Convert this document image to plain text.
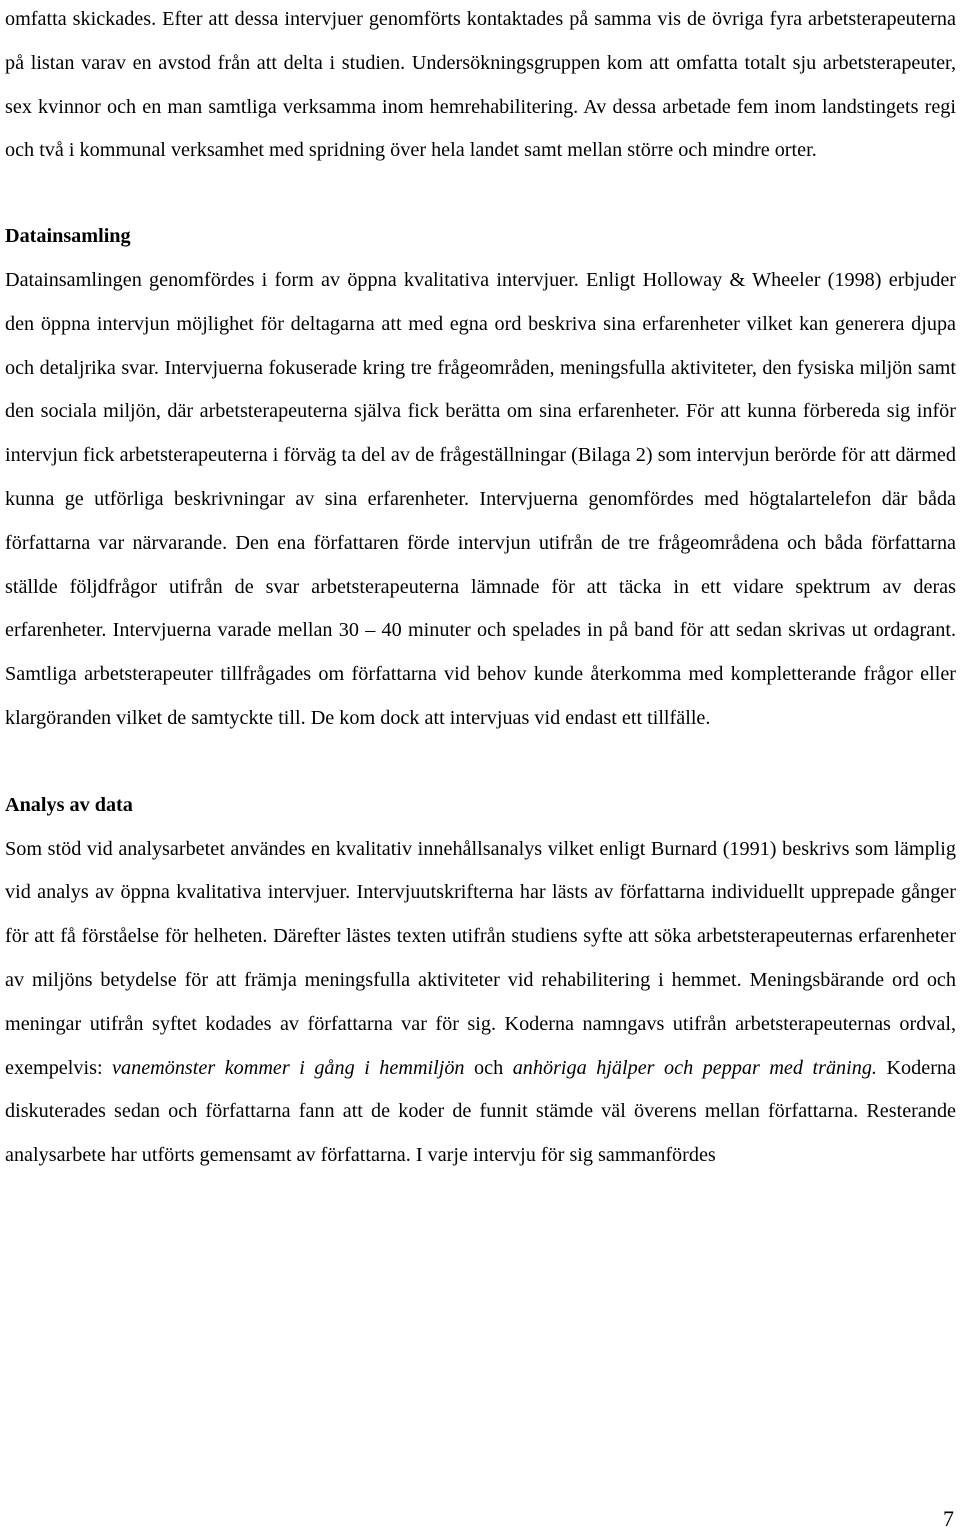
omfatta skickades. Efter att dessa intervjuer genomförts kontaktades på samma vis de övriga fyra arbetsterapeuterna på listan varav en avstod från att delta i studien. Undersökningsgruppen kom att omfatta totalt sju arbetsterapeuter, sex kvinnor och en man samtliga verksamma inom hemrehabilitering. Av dessa arbetade fem inom landstingets regi och två i kommunal verksamhet med spridning över hela landet samt mellan större och mindre orter.

Datainsamling

Datainsamlingen genomfördes i form av öppna kvalitativa intervjuer. Enligt Holloway & Wheeler (1998) erbjuder den öppna intervjun möjlighet för deltagarna att med egna ord beskriva sina erfarenheter vilket kan generera djupa och detaljrika svar. Intervjuerna fokuserade kring tre frågeområden, meningsfulla aktiviteter, den fysiska miljön samt den sociala miljön, där arbetsterapeuterna själva fick berätta om sina erfarenheter. För att kunna förbereda sig inför intervjun fick arbetsterapeuterna i förväg ta del av de frågeställningar (Bilaga 2) som intervjun berörde för att därmed kunna ge utförliga beskrivningar av sina erfarenheter. Intervjuerna genomfördes med högtalartelefon där båda författarna var närvarande. Den ena författaren förde intervjun utifrån de tre frågeområdena och båda författarna ställde följdfrågor utifrån de svar arbetsterapeuterna lämnade för att täcka in ett vidare spektrum av deras erfarenheter. Intervjuerna varade mellan 30 – 40 minuter och spelades in på band för att sedan skrivas ut ordagrant. Samtliga arbetsterapeuter tillfrågades om författarna vid behov kunde återkomma med kompletterande frågor eller klargöranden vilket de samtyckte till. De kom dock att intervjuas vid endast ett tillfälle.

Analys av data

Som stöd vid analysarbetet användes en kvalitativ innehållsanalys vilket enligt Burnard (1991) beskrivs som lämplig vid analys av öppna kvalitativa intervjuer. Intervjuutskrifterna har lästs av författarna individuellt upprepade gånger för att få förståelse för helheten. Därefter lästes texten utifrån studiens syfte att söka arbetsterapeuternas erfarenheter av miljöns betydelse för att främja meningsfulla aktiviteter vid rehabilitering i hemmet. Meningsbärande ord och meningar utifrån syftet kodades av författarna var för sig. Koderna namngavs utifrån arbetsterapeuternas ordval, exempelvis: vanemönster kommer i gång i hemmiljön och anhöriga hjälper och peppar med träning. Koderna diskuterades sedan och författarna fann att de koder de funnit stämde väl överens mellan författarna. Resterande analysarbete har utförts gemensamt av författarna. I varje intervju för sig sammanfördes

7
